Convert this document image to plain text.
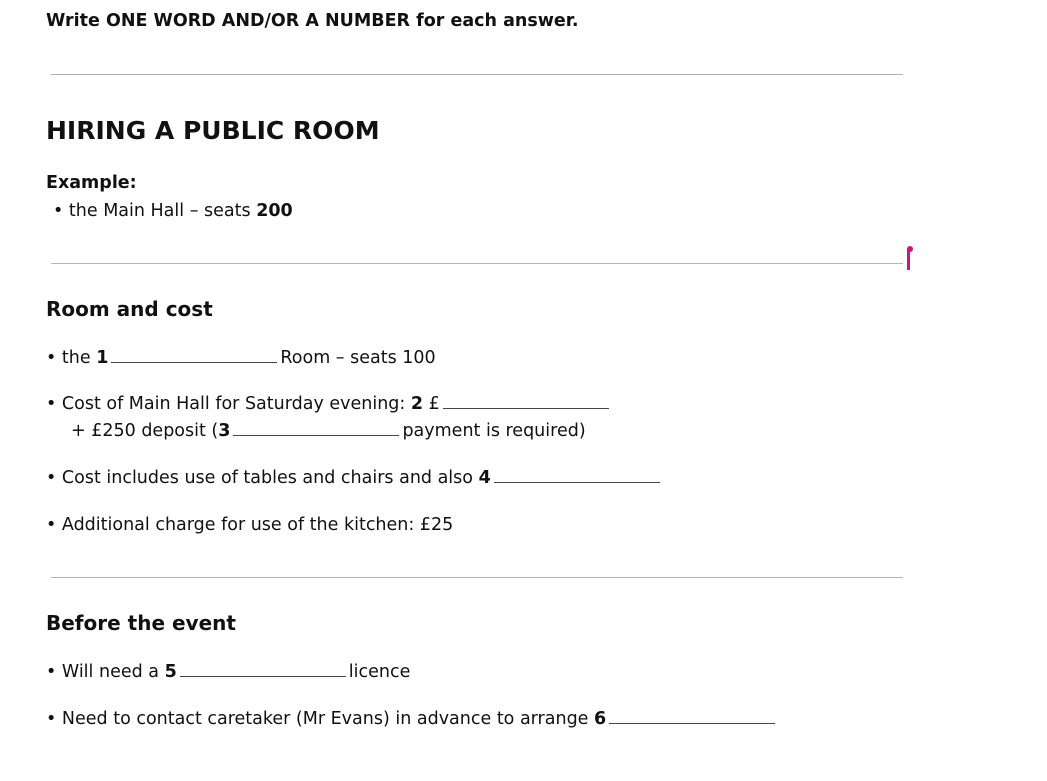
Write ONE WORD AND/OR A NUMBER for each answer.
HIRING A PUBLIC ROOM
Example:
• the Main Hall – seats 200
Room and cost
• the 1	Room – seats 100
• Cost of Main Hall for Saturday evening: 2 £
+ £250 deposit (3	payment is required)
• Cost includes use of tables and chairs and also 4
• Additional charge for use of the kitchen: £25
Before the event
• Will need a 5	licence
• Need to contact caretaker (Mr Evans) in advance to arrange 6
